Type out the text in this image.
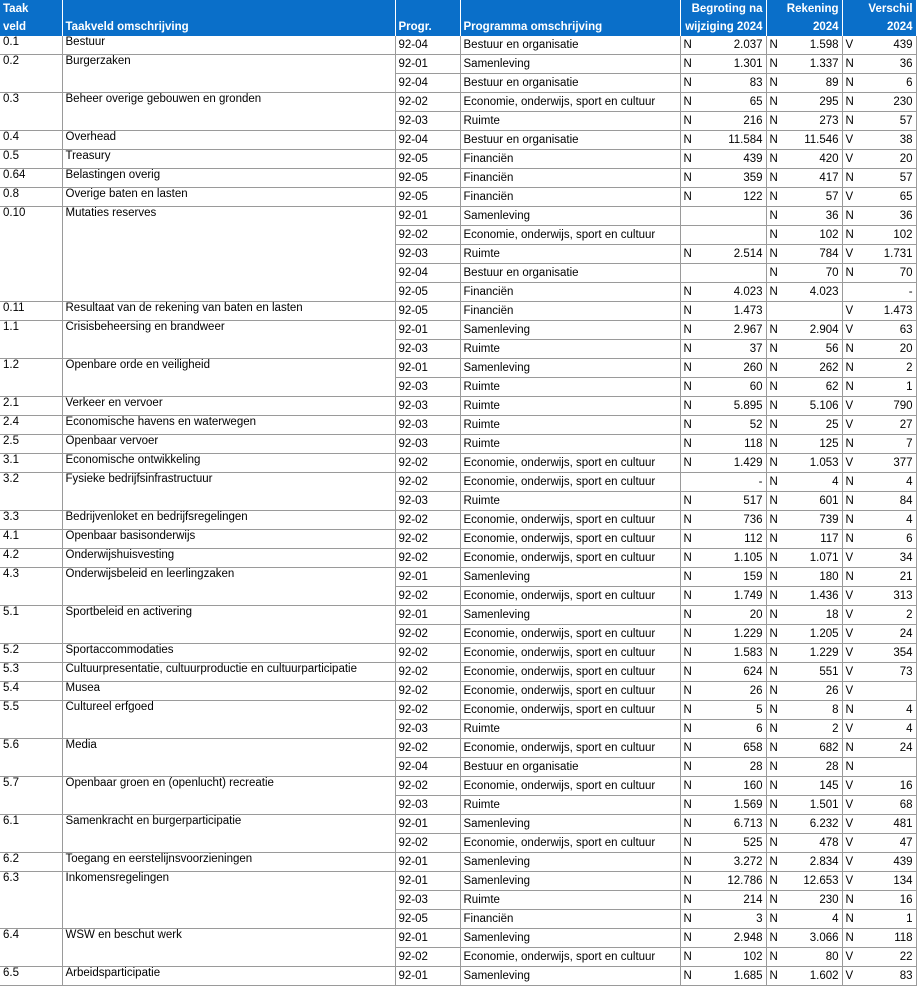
Taak				Begroting na		Rekening		Verschil	
veld	Taakveld omschrijving	Progr.	Programma omschrijving	wijziging 2024		2024		2024	
0.1	Bestuur	92-04	Bestuur en organisatie	N	2.037	N	1.598	V	439
0.2	Burgerzaken	92-01	Samenleving	N	1.301	N	1.337	N	36
		92-04	Bestuur en organisatie	N	83	N	89	N	6
0.3	Beheer overige gebouwen en gronden	92-02	Economie, onderwijs, sport en cultuur	N	65	N	295	N	230
		92-03	Ruimte	N	216	N	273	N	57
0.4	Overhead	92-04	Bestuur en organisatie	N	11.584	N	11.546	V	38
0.5	Treasury	92-05	Financiën	N	439	N	420	V	20
0.64	Belastingen overig	92-05	Financiën	N	359	N	417	N	57
0.8	Overige baten en lasten	92-05	Financiën	N	122	N	57	V	65
0.10	Mutaties reserves	92-01	Samenleving			N	36	N	36
		92-02	Economie, onderwijs, sport en cultuur			N	102	N	102
		92-03	Ruimte	N	2.514	N	784	V	1.731
		92-04	Bestuur en organisatie			N	70	N	70
		92-05	Financiën	N	4.023	N	4.023		-
0.11	Resultaat van de rekening van baten en lasten	92-05	Financiën	N	1.473			V	1.473
1.1	Crisisbeheersing en brandweer	92-01	Samenleving	N	2.967	N	2.904	V	63
		92-03	Ruimte	N	37	N	56	N	20
1.2	Openbare orde en veiligheid	92-01	Samenleving	N	260	N	262	N	2
		92-03	Ruimte	N	60	N	62	N	1
2.1	Verkeer en vervoer	92-03	Ruimte	N	5.895	N	5.106	V	790
2.4	Economische havens en waterwegen	92-03	Ruimte	N	52	N	25	V	27
2.5	Openbaar vervoer	92-03	Ruimte	N	118	N	125	N	7
3.1	Economische ontwikkeling	92-02	Economie, onderwijs, sport en cultuur	N	1.429	N	1.053	V	377
3.2	Fysieke bedrijfsinfrastructuur	92-02	Economie, onderwijs, sport en cultuur		-	N	4	N	4
		92-03	Ruimte	N	517	N	601	N	84
3.3	Bedrijvenloket en bedrijfsregelingen	92-02	Economie, onderwijs, sport en cultuur	N	736	N	739	N	4
4.1	Openbaar basisonderwijs	92-02	Economie, onderwijs, sport en cultuur	N	112	N	117	N	6
4.2	Onderwijshuisvesting	92-02	Economie, onderwijs, sport en cultuur	N	1.105	N	1.071	V	34
4.3	Onderwijsbeleid en leerlingzaken	92-01	Samenleving	N	159	N	180	N	21
		92-02	Economie, onderwijs, sport en cultuur	N	1.749	N	1.436	V	313
5.1	Sportbeleid en activering	92-01	Samenleving	N	20	N	18	V	2
		92-02	Economie, onderwijs, sport en cultuur	N	1.229	N	1.205	V	24
5.2	Sportaccommodaties	92-02	Economie, onderwijs, sport en cultuur	N	1.583	N	1.229	V	354
5.3	Cultuurpresentatie, cultuurproductie en cultuurparticipatie	92-02	Economie, onderwijs, sport en cultuur	N	624	N	551	V	73
5.4	Musea	92-02	Economie, onderwijs, sport en cultuur	N	26	N	26	V	
5.5	Cultureel erfgoed	92-02	Economie, onderwijs, sport en cultuur	N	5	N	8	N	4
		92-03	Ruimte	N	6	N	2	V	4
5.6	Media	92-02	Economie, onderwijs, sport en cultuur	N	658	N	682	N	24
		92-04	Bestuur en organisatie	N	28	N	28	N	
5.7	Openbaar groen en (openlucht) recreatie	92-02	Economie, onderwijs, sport en cultuur	N	160	N	145	V	16
		92-03	Ruimte	N	1.569	N	1.501	V	68
6.1	Samenkracht en burgerparticipatie	92-01	Samenleving	N	6.713	N	6.232	V	481
		92-02	Economie, onderwijs, sport en cultuur	N	525	N	478	V	47
6.2	Toegang en eerstelijnsvoorzieningen	92-01	Samenleving	N	3.272	N	2.834	V	439
6.3	Inkomensregelingen	92-01	Samenleving	N	12.786	N	12.653	V	134
		92-03	Ruimte	N	214	N	230	N	16
		92-05	Financiën	N	3	N	4	N	1
6.4	WSW en beschut werk	92-01	Samenleving	N	2.948	N	3.066	N	118
		92-02	Economie, onderwijs, sport en cultuur	N	102	N	80	V	22
6.5	Arbeidsparticipatie	92-01	Samenleving	N	1.685	N	1.602	V	83
